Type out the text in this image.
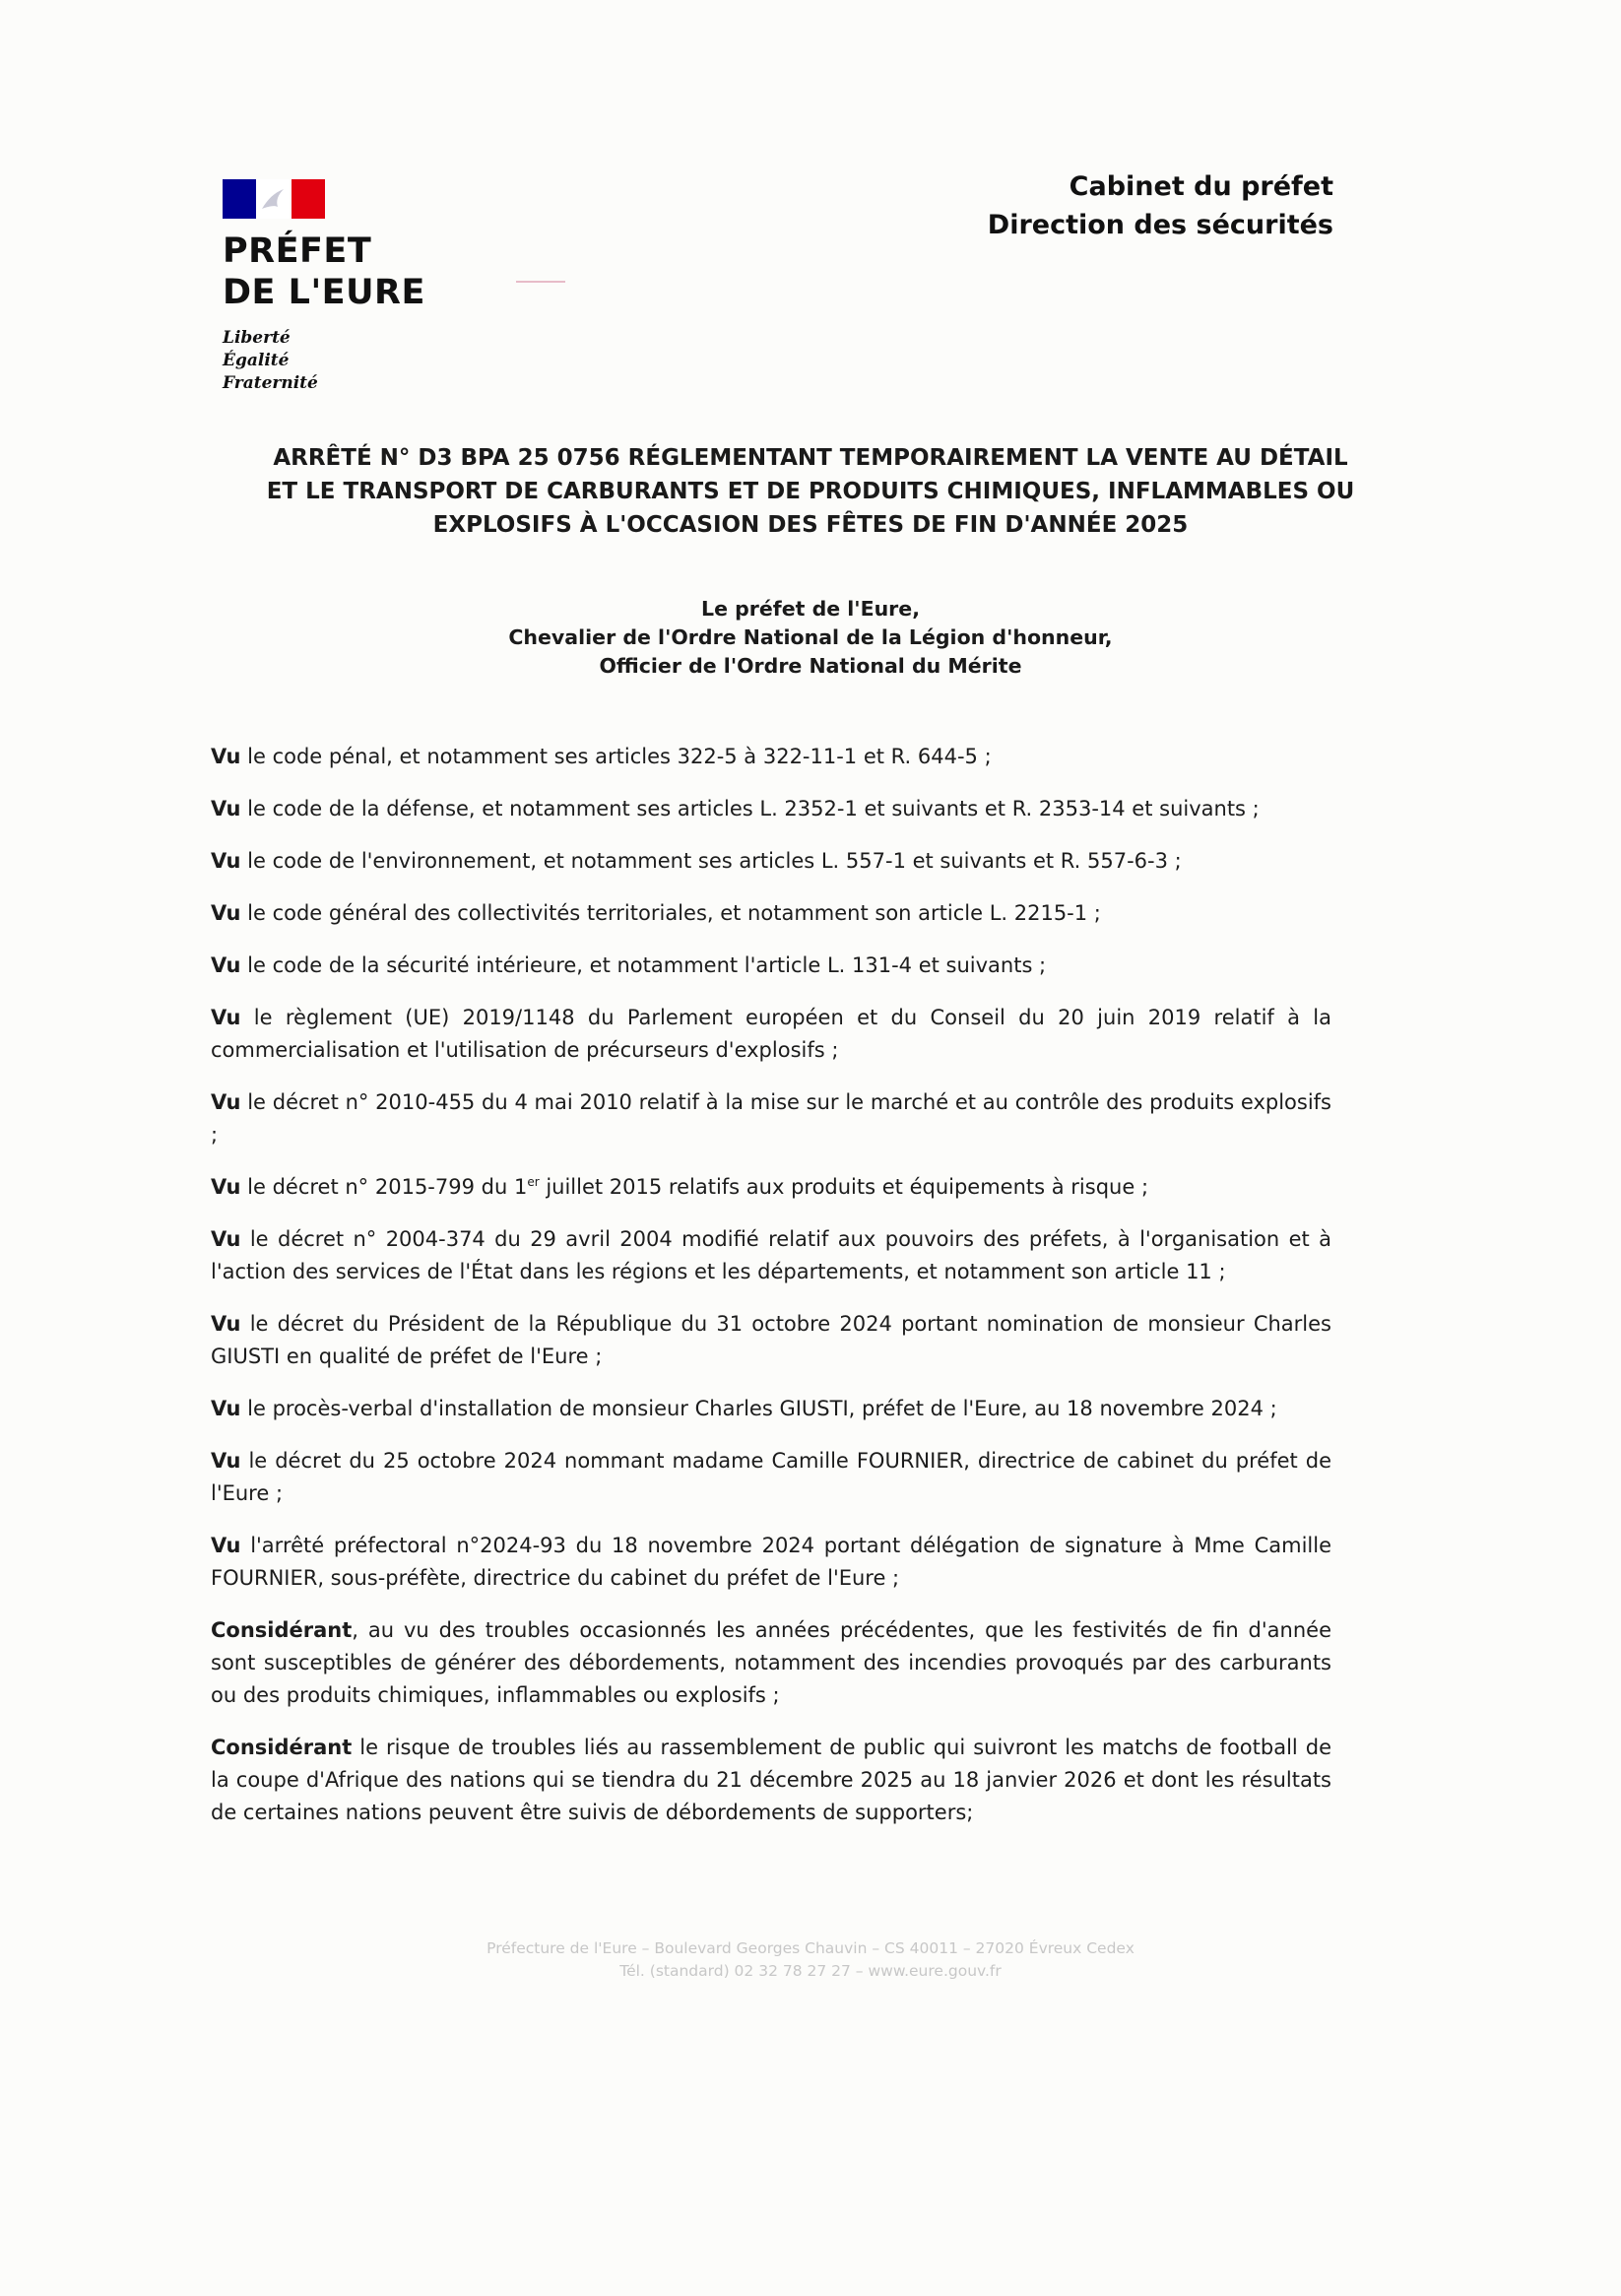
PRÉFET
DE L'EURE
Liberté
Égalité
Fraternité
Cabinet du préfet
Direction des sécurités
ARRÊTÉ N° D3 BPA 25 0756 RÉGLEMENTANT TEMPORAIREMENT LA VENTE AU DÉTAIL
ET LE TRANSPORT DE CARBURANTS ET DE PRODUITS CHIMIQUES, INFLAMMABLES OU
EXPLOSIFS À L'OCCASION DES FÊTES DE FIN D'ANNÉE 2025
Le préfet de l'Eure,
Chevalier de l'Ordre National de la Légion d'honneur,
Officier de l'Ordre National du Mérite

Vu le code pénal, et notamment ses articles 322-5 à 322-11-1 et R. 644-5 ;

Vu le code de la défense, et notamment ses articles L. 2352-1 et suivants et R. 2353-14 et suivants ;

Vu le code de l'environnement, et notamment ses articles L. 557-1 et suivants et R. 557-6-3 ;

Vu le code général des collectivités territoriales, et notamment son article L. 2215-1 ;

Vu le code de la sécurité intérieure, et notamment l'article L. 131-4 et suivants ;

Vu le règlement (UE) 2019/1148 du Parlement européen et du Conseil du 20 juin 2019 relatif à la commercialisation et l'utilisation de précurseurs d'explosifs ;

Vu le décret n° 2010-455 du 4 mai 2010 relatif à la mise sur le marché et au contrôle des produits explosifs ;

Vu le décret n° 2015-799 du 1er juillet 2015 relatifs aux produits et équipements à risque ;

Vu le décret n° 2004-374 du 29 avril 2004 modifié relatif aux pouvoirs des préfets, à l'organisation et à l'action des services de l'État dans les régions et les départements, et notamment son article 11 ;

Vu le décret du Président de la République du 31 octobre 2024 portant nomination de monsieur Charles GIUSTI en qualité de préfet de l'Eure ;

Vu le procès-verbal d'installation de monsieur Charles GIUSTI, préfet de l'Eure, au 18 novembre 2024 ;

Vu le décret du 25 octobre 2024 nommant madame Camille FOURNIER, directrice de cabinet du préfet de l'Eure ;

Vu l'arrêté préfectoral n°2024-93 du 18 novembre 2024 portant délégation de signature à Mme Camille FOURNIER, sous-préfète, directrice du cabinet du préfet de l'Eure ;

Considérant, au vu des troubles occasionnés les années précédentes, que les festivités de fin d'année sont susceptibles de générer des débordements, notamment des incendies provoqués par des carburants ou des produits chimiques, inflammables ou explosifs ;

Considérant le risque de troubles liés au rassemblement de public qui suivront les matchs de football de la coupe d'Afrique des nations qui se tiendra du 21 décembre 2025 au 18 janvier 2026 et dont les résultats de certaines nations peuvent être suivis de débordements de supporters;

Préfecture de l'Eure – Boulevard Georges Chauvin – CS 40011 – 27020 Évreux Cedex
Tél. (standard) 02 32 78 27 27 – www.eure.gouv.fr
